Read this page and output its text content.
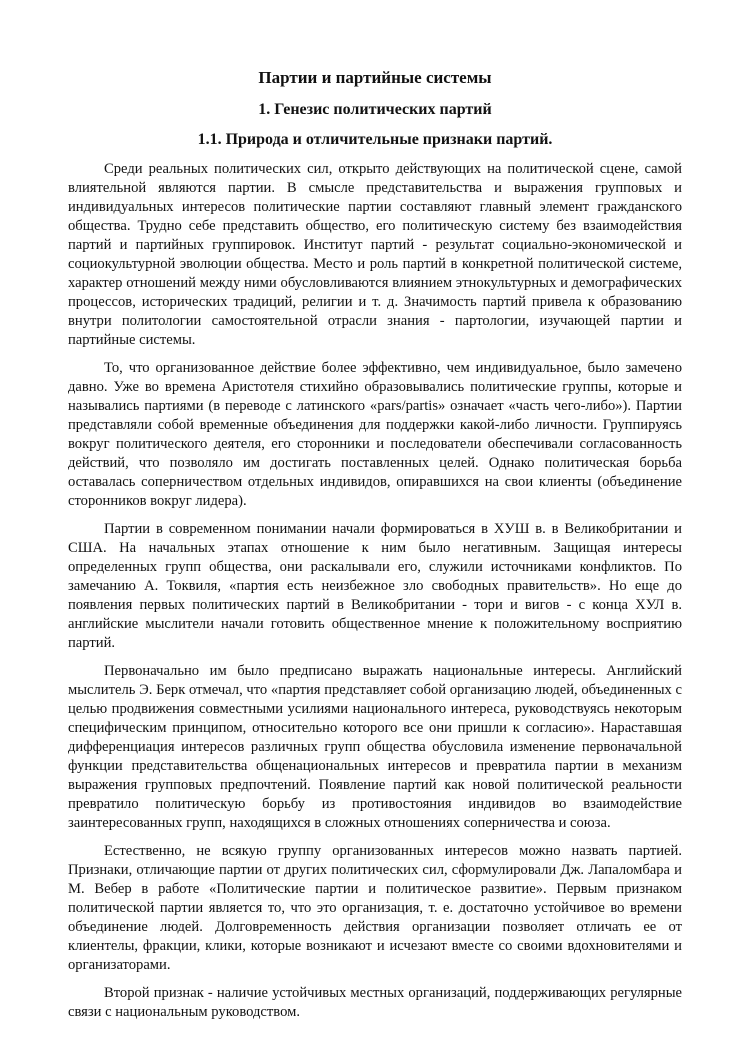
Партии и партийные системы
1. Генезис политических партий
1.1. Природа и отличительные признаки партий.

Среди реальных политических сил, открыто действующих на политической сцене, самой влиятельной являются партии. В смысле представительства и выражения групповых и индивидуальных интересов политические партии составляют главный элемент гражданского общества. Трудно себе представить общество, его политическую систему без взаимодействия партий и партийных группировок. Институт партий - результат социально-экономической и социокультурной эволюции общества. Место и роль партий в конкретной политической системе, характер отношений между ними обусловливаются влиянием этнокультурных и демографических процессов, исторических традиций, религии и т. д. Значимость партий привела к образованию внутри политологии самостоятельной отрасли знания - партологии, изучающей партии и партийные системы.

То, что организованное действие более эффективно, чем индивидуальное, было замечено давно. Уже во времена Аристотеля стихийно образовывались политические группы, которые и назывались партиями (в переводе с латинского «pars/partis» означает «часть чего-либо»). Партии представляли собой временные объединения для поддержки какой-либо личности. Группируясь вокруг политического деятеля, его сторонники и последователи обеспечивали согласованность действий, что позволяло им достигать поставленных целей. Однако политическая борьба оставалась соперничеством отдельных индивидов, опиравшихся на свои клиенты (объединение сторонников вокруг лидера).

Партии в современном понимании начали формироваться в ХУШ в. в Великобритании и США. На начальных этапах отношение к ним было негативным. Защищая интересы определенных групп общества, они раскалывали его, служили источниками конфликтов. По замечанию А. Токвиля, «партия есть неизбежное зло свободных правительств». Но еще до появления первых политических партий в Великобритании - тори и вигов - с конца ХУЛ в. английские мыслители начали готовить общественное мнение к положительному восприятию партий.

Первоначально им было предписано выражать национальные интересы. Английский мыслитель Э. Берк отмечал, что «партия представляет собой организацию людей, объединенных с целью продвижения совместными усилиями национального интереса, руководствуясь некоторым специфическим принципом, относительно которого все они пришли к согласию». Нараставшая дифференциация интересов различных групп общества обусловила изменение первоначальной функции представительства общенациональных интересов и превратила партии в механизм выражения групповых предпочтений. Появление партий как новой политической реальности превратило политическую борьбу из противостояния индивидов во взаимодействие заинтересованных групп, находящихся в сложных отношениях соперничества и союза.

Естественно, не всякую группу организованных интересов можно назвать партией. Признаки, отличающие партии от других политических сил, сформулировали Дж. Лапаломбара и М. Вебер в работе «Политические партии и политическое развитие». Первым признаком политической партии является то, что это организация, т. е. достаточно устойчивое во времени объединение людей. Долговременность действия организации позволяет отличать ее от клиентелы, фракции, клики, которые возникают и исчезают вместе со своими вдохновителями и организаторами.

Второй признак - наличие устойчивых местных организаций, поддерживающих регулярные связи с национальным руководством.
